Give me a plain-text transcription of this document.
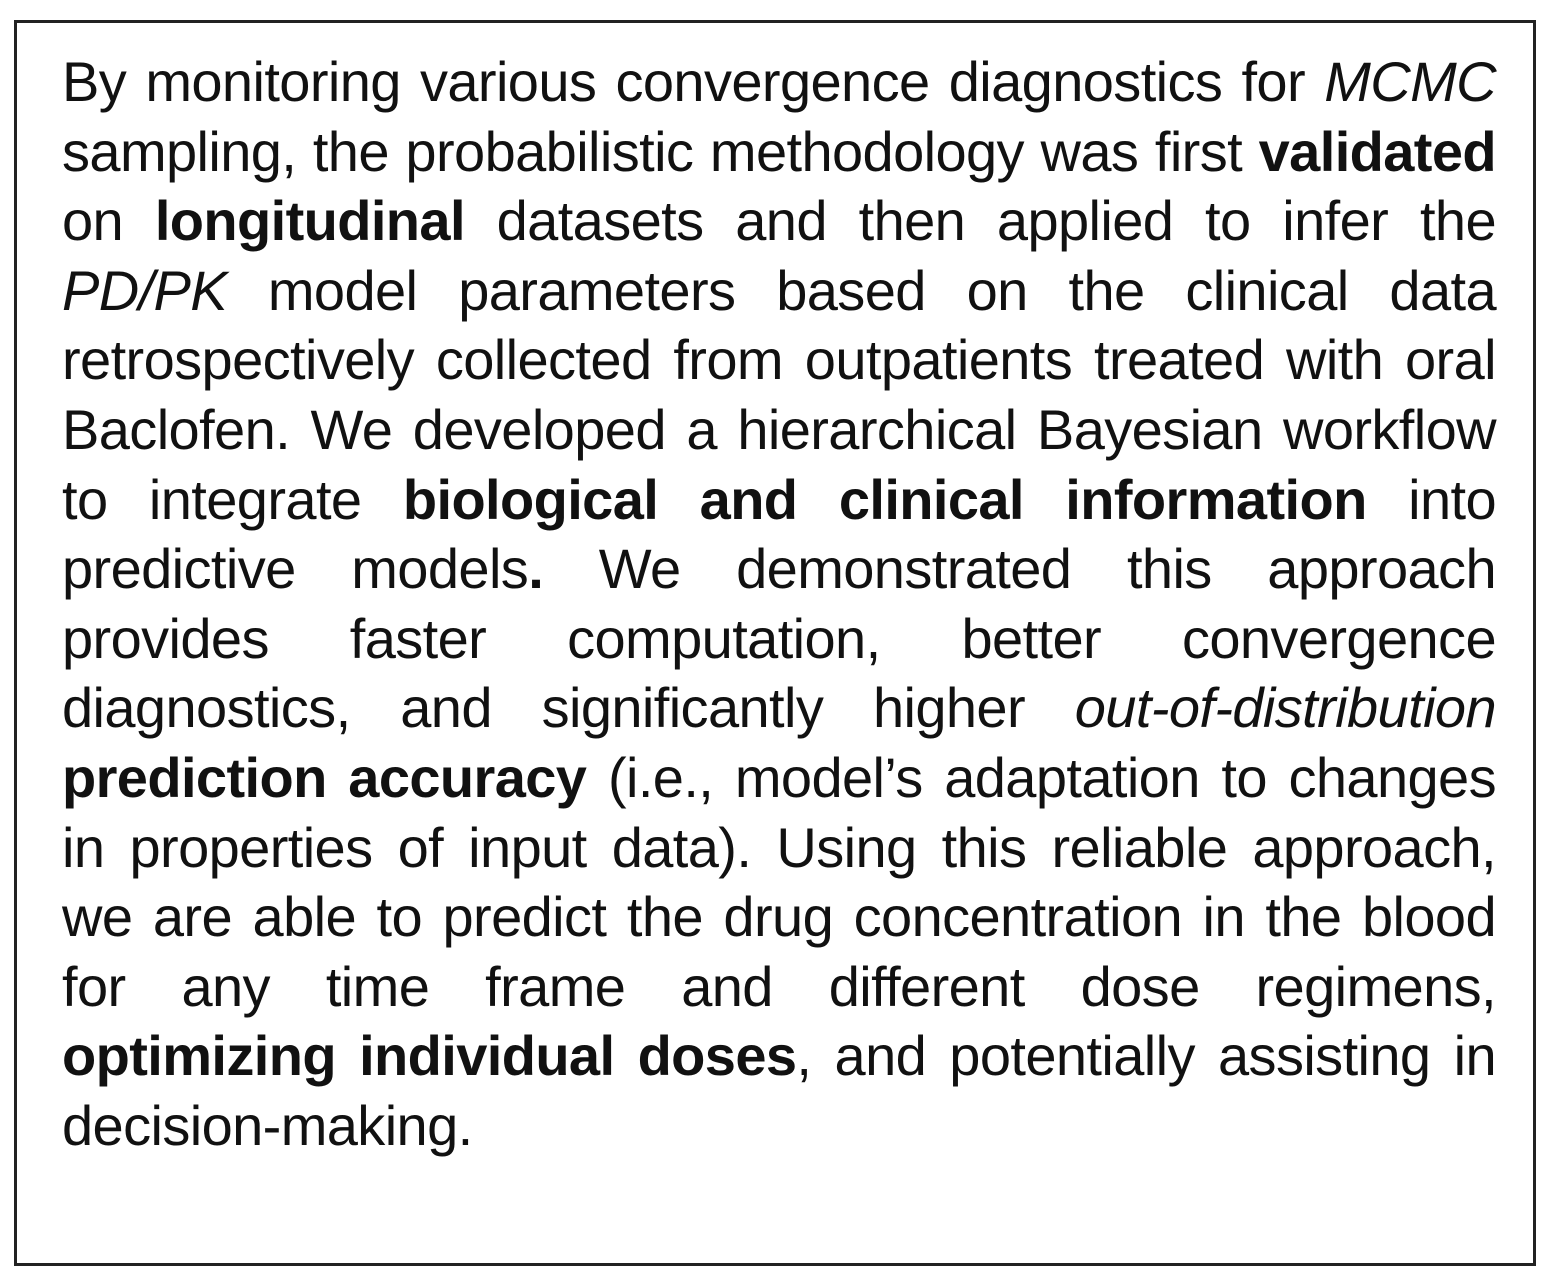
By monitoring various convergence diagnostics for MCMC sampling, the probabilistic methodology was first validated on longitudinal datasets and then applied to infer the PD/PK model parameters based on the clinical data retrospectively collected from outpatients treated with oral Baclofen. We developed a hierarchical Bayesian workflow to integrate biological and clinical information into predictive models. We demonstrated this approach provides faster computation, better convergence diagnostics, and significantly higher out-of-distribution prediction accuracy (i.e., model’s adaptation to changes in properties of input data). Using this reliable approach, we are able to predict the drug concentration in the blood for any time frame and different dose regimens, optimizing individual doses, and potentially assisting in decision-making.
